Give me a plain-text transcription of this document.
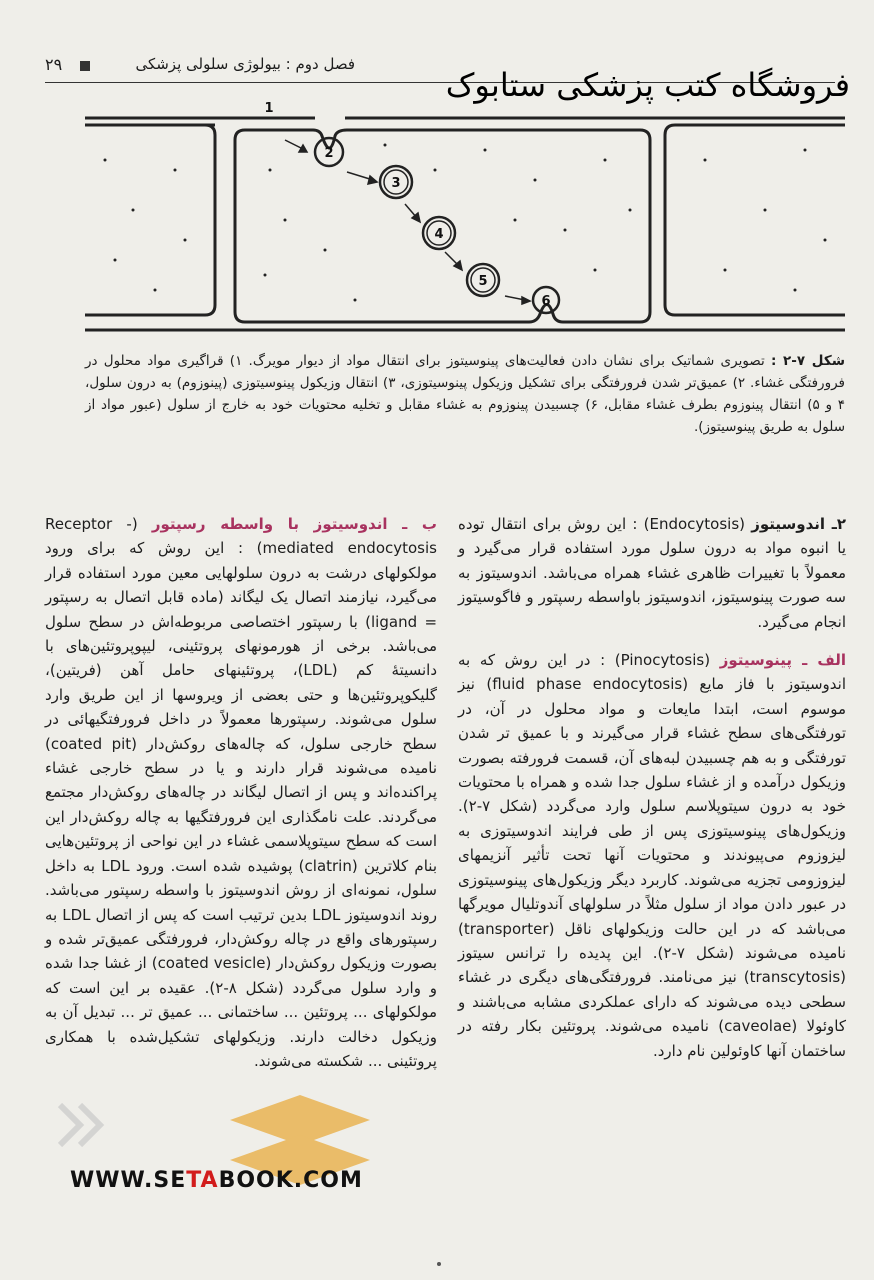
۲۹	فصل دوم : بیولوژی سلولی پزشکی
فروشگاه کتب پزشکی ستابوک
1
2
3
4
5
6
شکل ۷-۲ : تصویری شماتیک برای نشان دادن فعالیت‌های پینوسیتوز برای انتقال مواد از دیوار مویرگ. ۱) قراگیری مواد محلول در فرورفتگی غشاء. ۲) عمیق‌تر شدن فرورفتگی برای تشکیل وزیکول پینوسیتوزی، ۳) انتقال وزیکول پینوسیتوزی (پینوزوم) به درون سلول، ۴ و ۵) انتقال پینوزوم بطرف غشاء مقابل، ۶) چسبیدن پینوزوم به غشاء مقابل و تخلیه محتویات خود به خارج از سلول (عبور مواد از سلول به طریق پینوسیتوز).

۲ـ اندوسیتوز (Endocytosis) : این روش برای انتقال توده یا انبوه مواد به درون سلول مورد استفاده قرار می‌گیرد و معمولاً با تغییرات ظاهری غشاء همراه می‌باشد. اندوسیتوز به سه صورت پینوسیتوز، اندوسیتوز باواسطه رسپتور و فاگوسیتوز انجام می‌گیرد.

الف ـ پینوسیتوز (Pinocytosis) : در این روش که به اندوسیتوز با فاز مایع (fluid phase endocytosis) نیز موسوم است، ابتدا مایعات و مواد محلول در آن، در تورفتگی‌های سطح غشاء قرار می‌گیرند و با عمیق تر شدن تورفتگی و به هم چسبیدن لبه‌های آن، قسمت فرورفته بصورت وزیکول درآمده و از غشاء سلول جدا شده و همراه با محتویات خود به درون سیتوپلاسم سلول وارد می‌گردد (شکل ۷-۲). وزیکول‌های پینوسیتوزی پس از طی فرایند اندوسیتوزی به لیزوزوم می‌پیوندند و محتویات آنها تحت تأثیر آنزیمهای لیزوزومی تجزیه می‌شوند. کاربرد دیگر وزیکول‌های پینوسیتوزی در عبور دادن مواد از سلول مثلاً در سلولهای آندوتلیال مویرگها می‌باشد که در این حالت وزیکولهای ناقل (transporter) نامیده می‌شوند (شکل ۷-۲). این پدیده را ترانس سیتوز (transcytosis) نیز می‌نامند. فرورفتگی‌های دیگری در غشاء سطحی دیده می‌شوند که دارای عملکردی مشابه می‌باشند و کاوئولا (caveolae) نامیده می‌شوند. پروتئین بکار رفته در ساختمان آنها کاوئولین نام دارد.

ب ـ اندوسیتوز با واسطه رسپتور (Receptor - mediated endocytosis) : این روش که برای ورود مولکولهای درشت به درون سلولهایی معین مورد استفاده قرار می‌گیرد، نیازمند اتصال یک لیگاند (ماده قابل اتصال به رسپتور = ligand) با رسپتور اختصاصی مربوطه‌اش در سطح سلول می‌باشد. برخی از هورمونهای پروتئینی، لیپوپروتئین‌های با دانسیتهٔ کم (LDL)، پروتئینهای حامل آهن (فریتین)، گلیکوپروتئین‌ها و حتی بعضی از ویروسها از این طریق وارد سلول می‌شوند. رسپتورها معمولاً در داخل فرورفتگیهائی در سطح خارجی سلول، که چاله‌های روکش‌دار (coated pit) نامیده می‌شوند قرار دارند و یا در سطح خارجی غشاء پراکنده‌اند و پس از اتصال لیگاند در چاله‌های روکش‌دار مجتمع می‌گردند. علت نامگذاری این فرورفتگیها به چاله روکش‌دار این است که سطح سیتوپلاسمی غشاء در این نواحی از پروتئین‌هایی بنام کلاترین (clatrin) پوشیده شده است. ورود LDL به داخل سلول، نمونه‌ای از روش اندوسیتوز با واسطه رسپتور می‌باشد. روند اندوسیتوز LDL بدین ترتیب است که پس از اتصال LDL به رسپتورهای واقع در چاله روکش‌دار، فرورفتگی عمیق‌تر شده و بصورت وزیکول روکش‌دار (coated vesicle) از غشا جدا شده و وارد سلول می‌گردد (شکل ۸-۲). عقیده بر این است که مولکولهای ... پروتئین ... ساختمانی ... عمیق تر ... تبدیل آن به وزیکول دخالت دارند. وزیکولهای تشکیل‌شده با همکاری پروتئینی ... شکسته می‌شوند.

WWW.SETABOOK.COM
